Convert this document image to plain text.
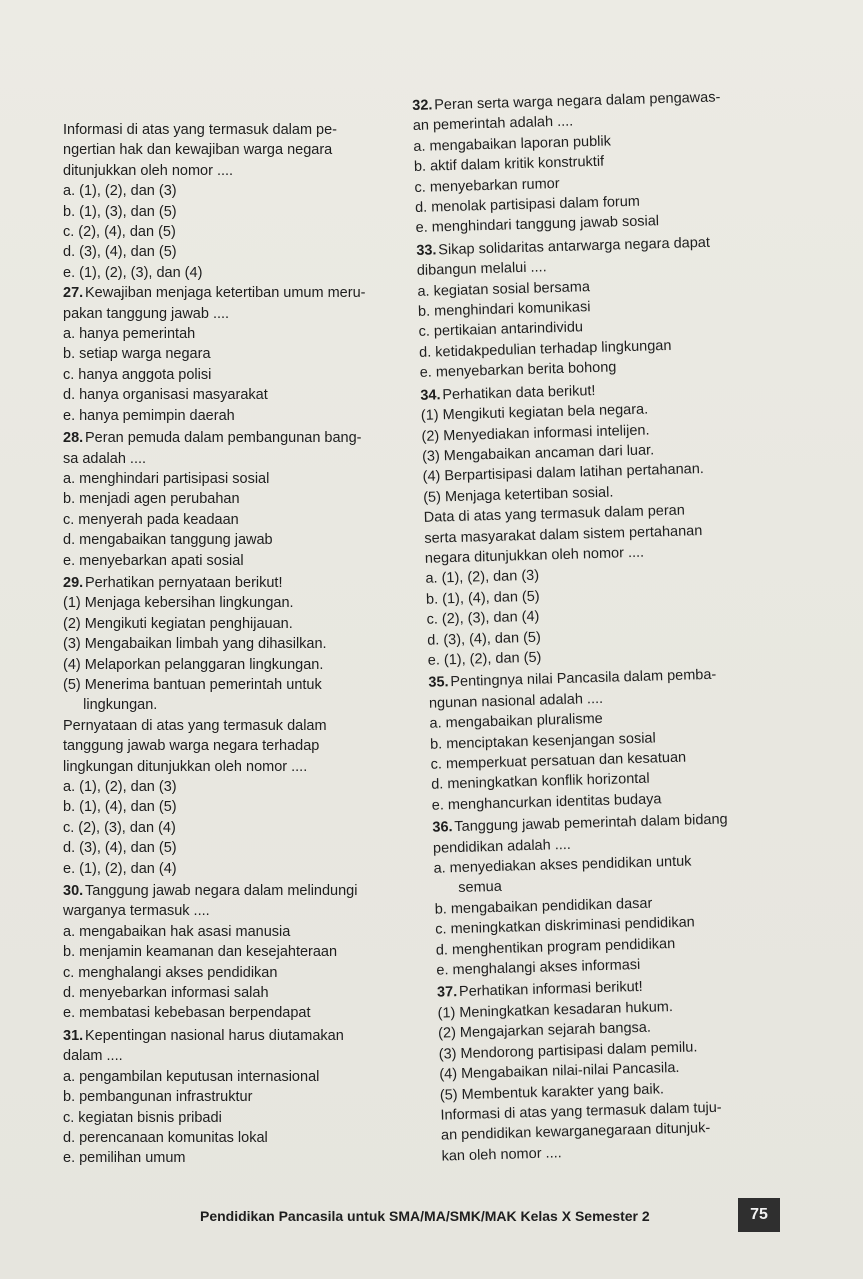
Informasi di atas yang termasuk dalam pe-
ngertian hak dan kewajiban warga negara
ditunjukkan oleh nomor ....
a. (1), (2), dan (3)
b. (1), (3), dan (5)
c. (2), (4), dan (5)
d. (3), (4), dan (5)
e. (1), (2), (3), dan (4)
27. Kewajiban menjaga ketertiban umum meru-
pakan tanggung jawab ....
a. hanya pemerintah
b. setiap warga negara
c. hanya anggota polisi
d. hanya organisasi masyarakat
e. hanya pemimpin daerah
28. Peran pemuda dalam pembangunan bang-
sa adalah ....
a. menghindari partisipasi sosial
b. menjadi agen perubahan
c. menyerah pada keadaan
d. mengabaikan tanggung jawab
e. menyebarkan apati sosial
29. Perhatikan pernyataan berikut!
(1) Menjaga kebersihan lingkungan.
(2) Mengikuti kegiatan penghijauan.
(3) Mengabaikan limbah yang dihasilkan.
(4) Melaporkan pelanggaran lingkungan.
(5) Menerima bantuan pemerintah untuk
lingkungan.
Pernyataan di atas yang termasuk dalam
tanggung jawab warga negara terhadap
lingkungan ditunjukkan oleh nomor ....
a. (1), (2), dan (3)
b. (1), (4), dan (5)
c. (2), (3), dan (4)
d. (3), (4), dan (5)
e. (1), (2), dan (4)
30. Tanggung jawab negara dalam melindungi
warganya termasuk ....
a. mengabaikan hak asasi manusia
b. menjamin keamanan dan kesejahteraan
c. menghalangi akses pendidikan
d. menyebarkan informasi salah
e. membatasi kebebasan berpendapat
31. Kepentingan nasional harus diutamakan
dalam ....
a. pengambilan keputusan internasional
b. pembangunan infrastruktur
c. kegiatan bisnis pribadi
d. perencanaan komunitas lokal
e. pemilihan umum
32.Peran serta warga negara dalam pengawas-
an pemerintah adalah ....
a. mengabaikan laporan publik
b. aktif dalam kritik konstruktif
c. menyebarkan rumor
d. menolak partisipasi dalam forum
e. menghindari tanggung jawab sosial
33.Sikap solidaritas antarwarga negara dapat
dibangun melalui ....
a. kegiatan sosial bersama
b. menghindari komunikasi
c. pertikaian antarindividu
d. ketidakpedulian terhadap lingkungan
e. menyebarkan berita bohong
34.Perhatikan data berikut!
(1) Mengikuti kegiatan bela negara.
(2) Menyediakan informasi intelijen.
(3) Mengabaikan ancaman dari luar.
(4) Berpartisipasi dalam latihan pertahanan.
(5) Menjaga ketertiban sosial.
Data di atas yang termasuk dalam peran
serta masyarakat dalam sistem pertahanan
negara ditunjukkan oleh nomor ....
a. (1), (2), dan (3)
b. (1), (4), dan (5)
c. (2), (3), dan (4)
d. (3), (4), dan (5)
e. (1), (2), dan (5)
35.Pentingnya nilai Pancasila dalam pemba-
ngunan nasional adalah ....
a. mengabaikan pluralisme
b. menciptakan kesenjangan sosial
c. memperkuat persatuan dan kesatuan
d. meningkatkan konflik horizontal
e. menghancurkan identitas budaya
36.Tanggung jawab pemerintah dalam bidang
pendidikan adalah ....
a. menyediakan akses pendidikan untuk
semua
b. mengabaikan pendidikan dasar
c. meningkatkan diskriminasi pendidikan
d. menghentikan program pendidikan
e. menghalangi akses informasi
37.Perhatikan informasi berikut!
(1) Meningkatkan kesadaran hukum.
(2) Mengajarkan sejarah bangsa.
(3) Mendorong partisipasi dalam pemilu.
(4) Mengabaikan nilai-nilai Pancasila.
(5) Membentuk karakter yang baik.
Informasi di atas yang termasuk dalam tuju-
an pendidikan kewarganegaraan ditunjuk-
kan oleh nomor ....
Pendidikan Pancasila untuk SMA/MA/SMK/MAK Kelas X Semester 2	75
